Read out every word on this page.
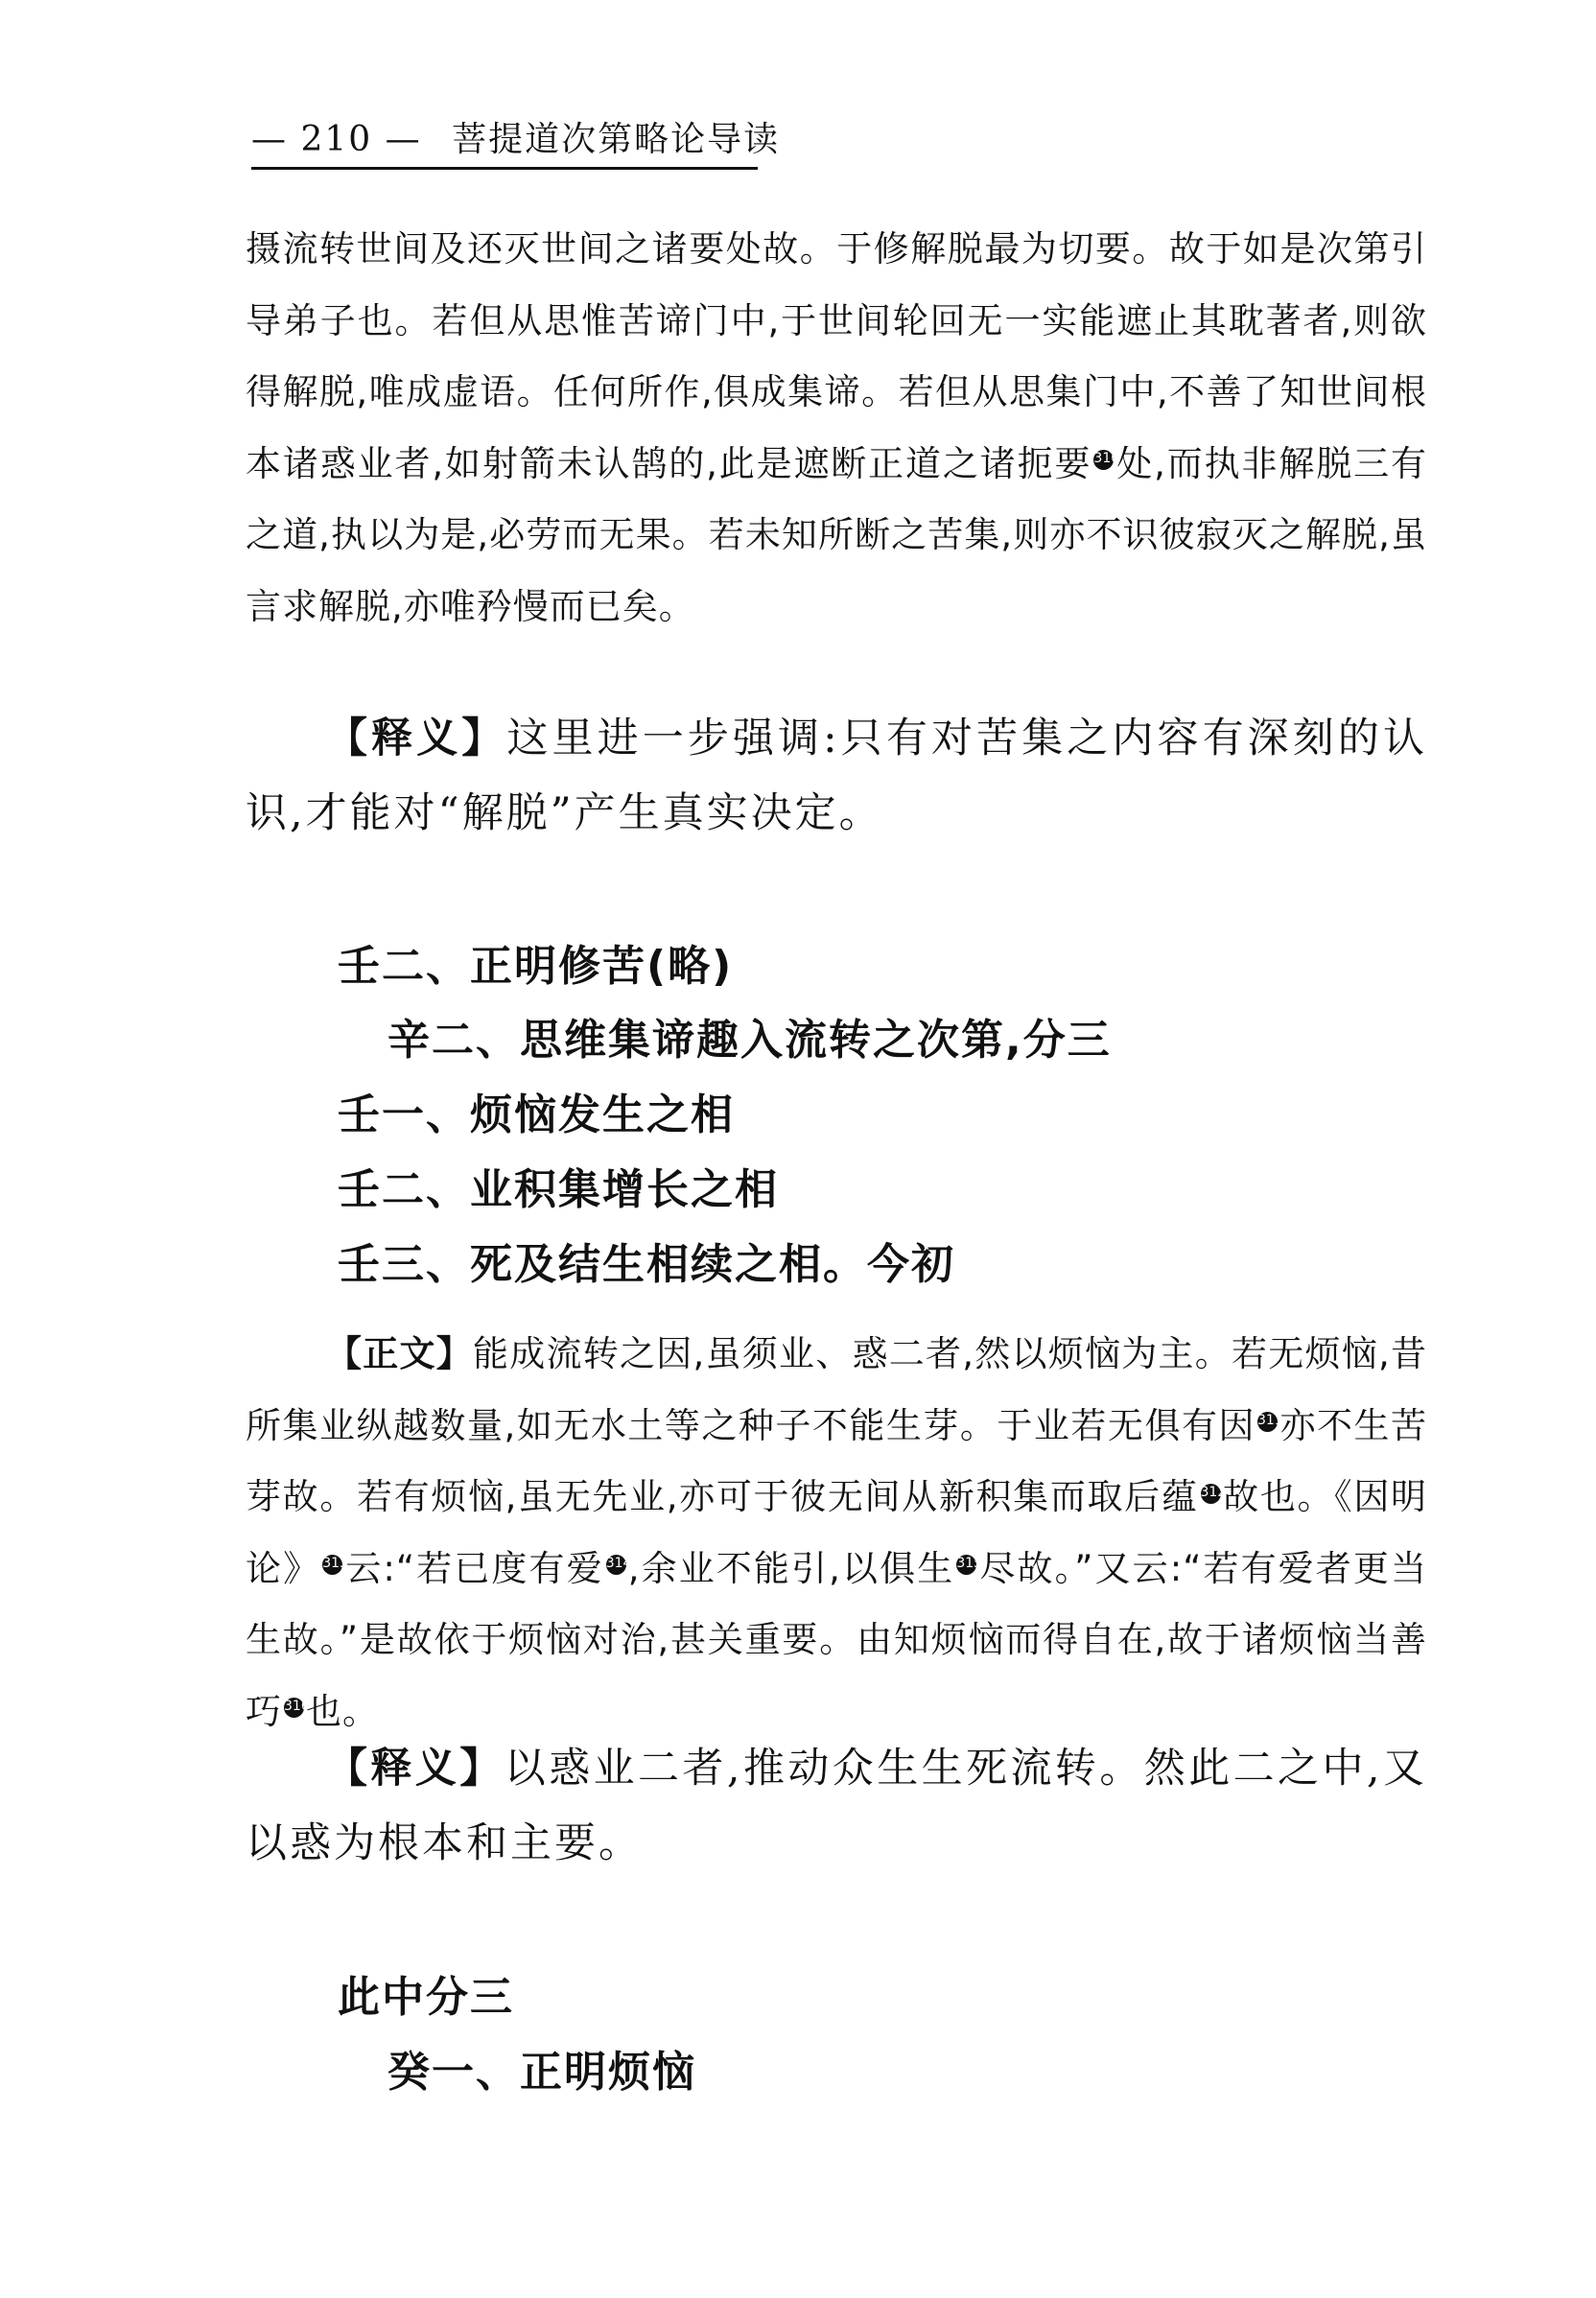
— 210 — 菩提道次第略论导读
摄流转世间及还灭世间之诸要处故。于修解脱最为切要。故于如是次第引导弟子也。若但从思惟苦谛门中,于世间轮回无一实能遮止其耽著者,则欲得解脱,唯成虚语。任何所作,俱成集谛。若但从思集门中,不善了知世间根本诸惑业者,如射箭未认鹄的,此是遮断正道之诸扼要 $^{310}$处,而执非解脱三有之道,执以为是,必劳而无果。若未知所断之苦集,则亦不识彼寂灭之解脱,虽言求解脱,亦唯矜慢而已矣。
【释义】这里进一步强调:只有对苦集之内容有深刻的认识,才能对“解脱”产生真实决定。
壬二、正明修苦(略)
辛二、思维集谛趣入流转之次第,分三
壬一、烦恼发生之相
壬二、业积集增长之相
壬三、死及结生相续之相。今初
【正文】能成流转之因,虽须业、惑二者,然以烦恼为主。若无烦恼,昔所集业纵越数量,如无水土等之种子不能生芽。于业若无俱有因 $^{311}$亦不生苦芽故。若有烦恼,虽无先业,亦可于彼无间从新积集而取后蕴 $^{312}$故也。《因明论》 $^{313}$云:“若已度有爱 $^{314}$,余业不能引,以俱生 $^{315}$尽故。”又云:“若有爱者更当生故。”是故依于烦恼对治,甚关重要。由知烦恼而得自在,故于诸烦恼当善巧 $^{316}$也。
【释义】以惑业二者,推动众生生死流转。然此二之中,又以惑为根本和主要。
此中分三
癸一、正明烦恼
